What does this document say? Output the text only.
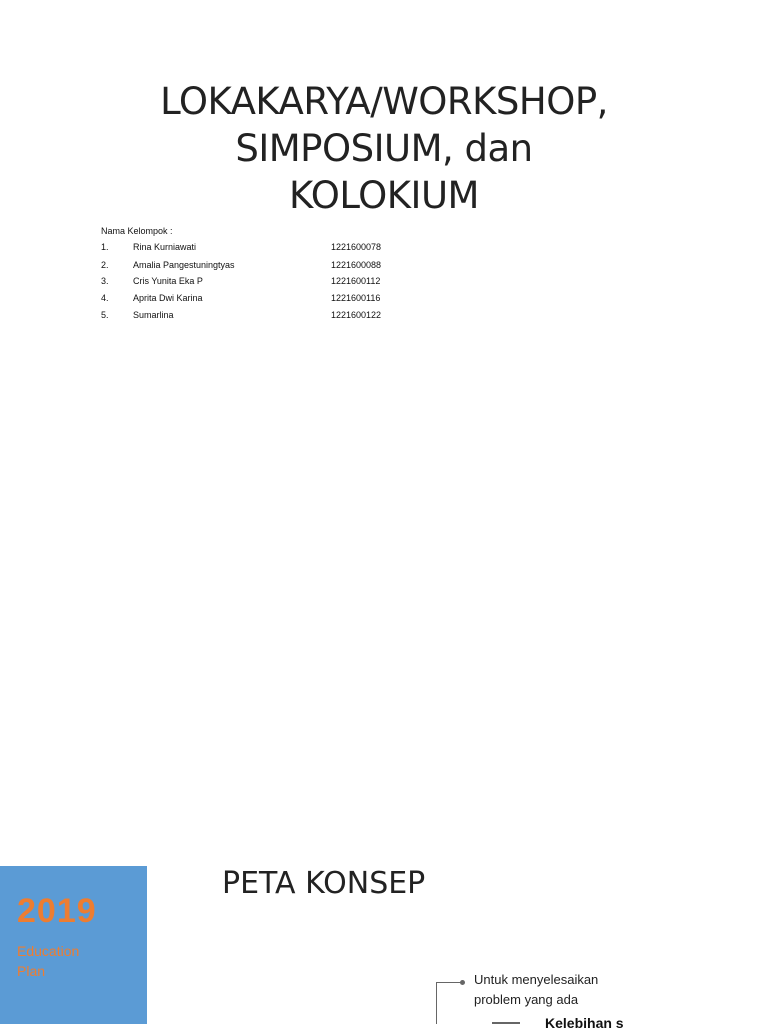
LOKAKARYA/WORKSHOP,
SIMPOSIUM, dan
KOLOKIUM
Nama Kelompok :
1.	Rina Kurniawati	1221600078
2.	Amalia Pangestuningtyas	1221600088
3.	Cris Yunita Eka P	1221600112
4.	Aprita Dwi Karina	1221600116
5.	Sumarlina	1221600122
2019
Education
Plan
PETA KONSEP
Untuk menyelesaikan
problem yang ada
Kelebihan s
